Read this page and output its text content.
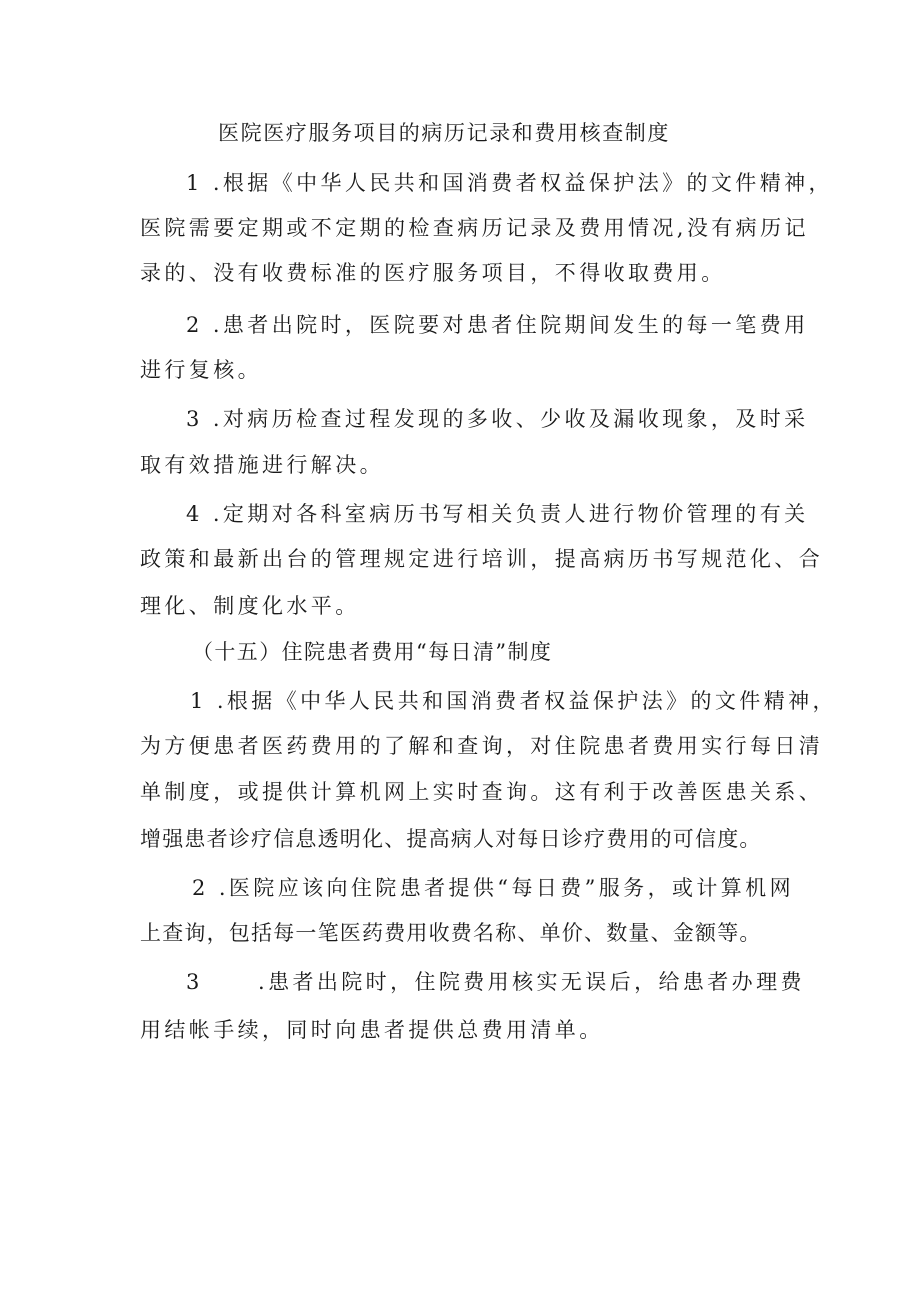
医院医疗服务项目的病历记录和费用核查制度

1 .根据《中华人民共和国消费者权益保护法》的文件精神，

医院需要定期或不定期的检查病历记录及费用情况,没有病历记

录的、没有收费标准的医疗服务项目，不得收取费用。

2 .患者出院时，医院要对患者住院期间发生的每一笔费用

进行复核。

3 .对病历检查过程发现的多收、少收及漏收现象，及时采

取有效措施进行解决。

4 .定期对各科室病历书写相关负责人进行物价管理的有关

政策和最新出台的管理规定进行培训，提高病历书写规范化、合

理化、制度化水平。

（十五）住院患者费用“每日清”制度

1 .根据《中华人民共和国消费者权益保护法》的文件精神，

为方便患者医药费用的了解和查询，对住院患者费用实行每日清

单制度，或提供计算机网上实时查询。这有利于改善医患关系、

增强患者诊疗信息透明化、提高病人对每日诊疗费用的可信度。

2 .医院应该向住院患者提供“每日费”服务，或计算机网

上查询，包括每一笔医药费用收费名称、单价、数量、金额等。

3	.患者出院时，住院费用核实无误后，给患者办理费

用结帐手续，同时向患者提供总费用清单。
